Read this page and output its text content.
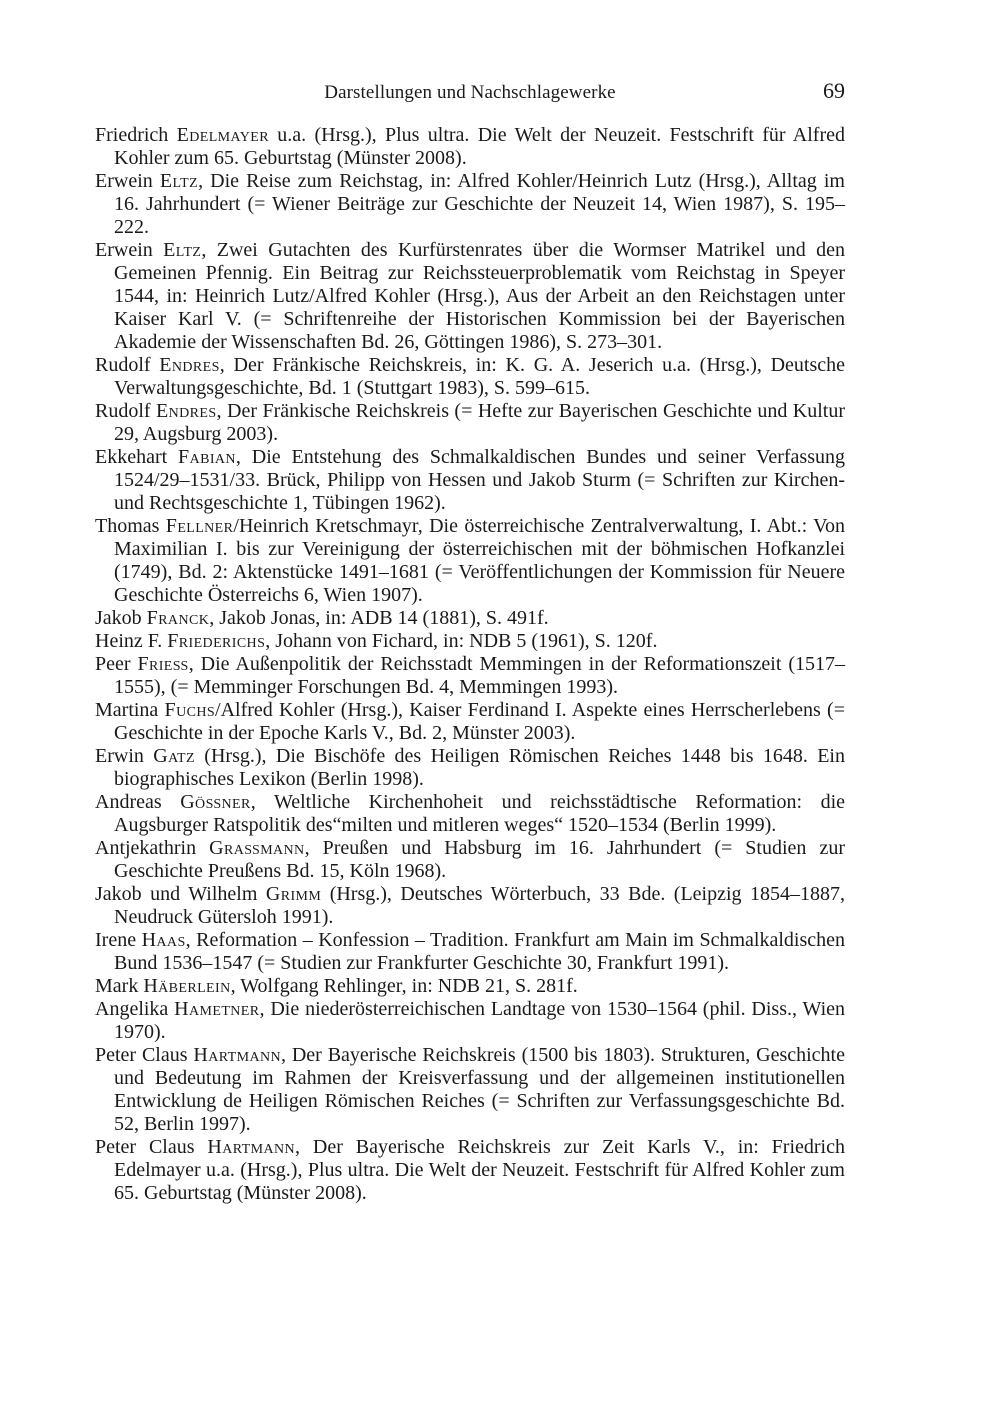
Darstellungen und Nachschlagewerke	69
Friedrich Edelmayer u.a. (Hrsg.), Plus ultra. Die Welt der Neuzeit. Festschrift für Alfred Kohler zum 65. Geburtstag (Münster 2008).
Erwein Eltz, Die Reise zum Reichstag, in: Alfred Kohler/Heinrich Lutz (Hrsg.), Alltag im 16. Jahrhundert (= Wiener Beiträge zur Geschichte der Neuzeit 14, Wien 1987), S. 195–222.
Erwein Eltz, Zwei Gutachten des Kurfürstenrates über die Wormser Matrikel und den Gemeinen Pfennig. Ein Beitrag zur Reichssteuerproblematik vom Reichstag in Speyer 1544, in: Heinrich Lutz/Alfred Kohler (Hrsg.), Aus der Arbeit an den Reichstagen unter Kaiser Karl V. (= Schriftenreihe der Historischen Kommission bei der Bayerischen Akademie der Wissenschaften Bd. 26, Göttingen 1986), S. 273–301.
Rudolf Endres, Der Fränkische Reichskreis, in: K. G. A. Jeserich u.a. (Hrsg.), Deutsche Verwaltungsgeschichte, Bd. 1 (Stuttgart 1983), S. 599–615.
Rudolf Endres, Der Fränkische Reichskreis (= Hefte zur Bayerischen Geschichte und Kultur 29, Augsburg 2003).
Ekkehart Fabian, Die Entstehung des Schmalkaldischen Bundes und seiner Verfassung 1524/29–1531/33. Brück, Philipp von Hessen und Jakob Sturm (= Schriften zur Kirchen- und Rechtsgeschichte 1, Tübingen 1962).
Thomas Fellner/Heinrich Kretschmayr, Die österreichische Zentralverwaltung, I. Abt.: Von Maximilian I. bis zur Vereinigung der österreichischen mit der böhmischen Hofkanzlei (1749), Bd. 2: Aktenstücke 1491–1681 (= Veröffentlichungen der Kommission für Neuere Geschichte Österreichs 6, Wien 1907).
Jakob Franck, Jakob Jonas, in: ADB 14 (1881), S. 491f.
Heinz F. Friederichs, Johann von Fichard, in: NDB 5 (1961), S. 120f.
Peer Frieß, Die Außenpolitik der Reichsstadt Memmingen in der Reformationszeit (1517–1555), (= Memminger Forschungen Bd. 4, Memmingen 1993).
Martina Fuchs/Alfred Kohler (Hrsg.), Kaiser Ferdinand I. Aspekte eines Herrscherlebens (= Geschichte in der Epoche Karls V., Bd. 2, Münster 2003).
Erwin Gatz (Hrsg.), Die Bischöfe des Heiligen Römischen Reiches 1448 bis 1648. Ein biographisches Lexikon (Berlin 1998).
Andreas Gößner, Weltliche Kirchenhoheit und reichsstädtische Reformation: die Augsburger Ratspolitik des“milten und mitleren weges“ 1520–1534 (Berlin 1999).
Antjekathrin Graßmann, Preußen und Habsburg im 16. Jahrhundert (= Studien zur Geschichte Preußens Bd. 15, Köln 1968).
Jakob und Wilhelm Grimm (Hrsg.), Deutsches Wörterbuch, 33 Bde. (Leipzig 1854–1887, Neudruck Gütersloh 1991).
Irene Haas, Reformation – Konfession – Tradition. Frankfurt am Main im Schmalkaldischen Bund 1536–1547 (= Studien zur Frankfurter Geschichte 30, Frankfurt 1991).
Mark Häberlein, Wolfgang Rehlinger, in: NDB 21, S. 281f.
Angelika Hametner, Die niederösterreichischen Landtage von 1530–1564 (phil. Diss., Wien 1970).
Peter Claus Hartmann, Der Bayerische Reichskreis (1500 bis 1803). Strukturen, Geschichte und Bedeutung im Rahmen der Kreisverfassung und der allgemeinen institutionellen Entwicklung de Heiligen Römischen Reiches (= Schriften zur Verfassungsgeschichte Bd. 52, Berlin 1997).
Peter Claus Hartmann, Der Bayerische Reichskreis zur Zeit Karls V., in: Friedrich Edelmayer u.a. (Hrsg.), Plus ultra. Die Welt der Neuzeit. Festschrift für Alfred Kohler zum 65. Geburtstag (Münster 2008).
